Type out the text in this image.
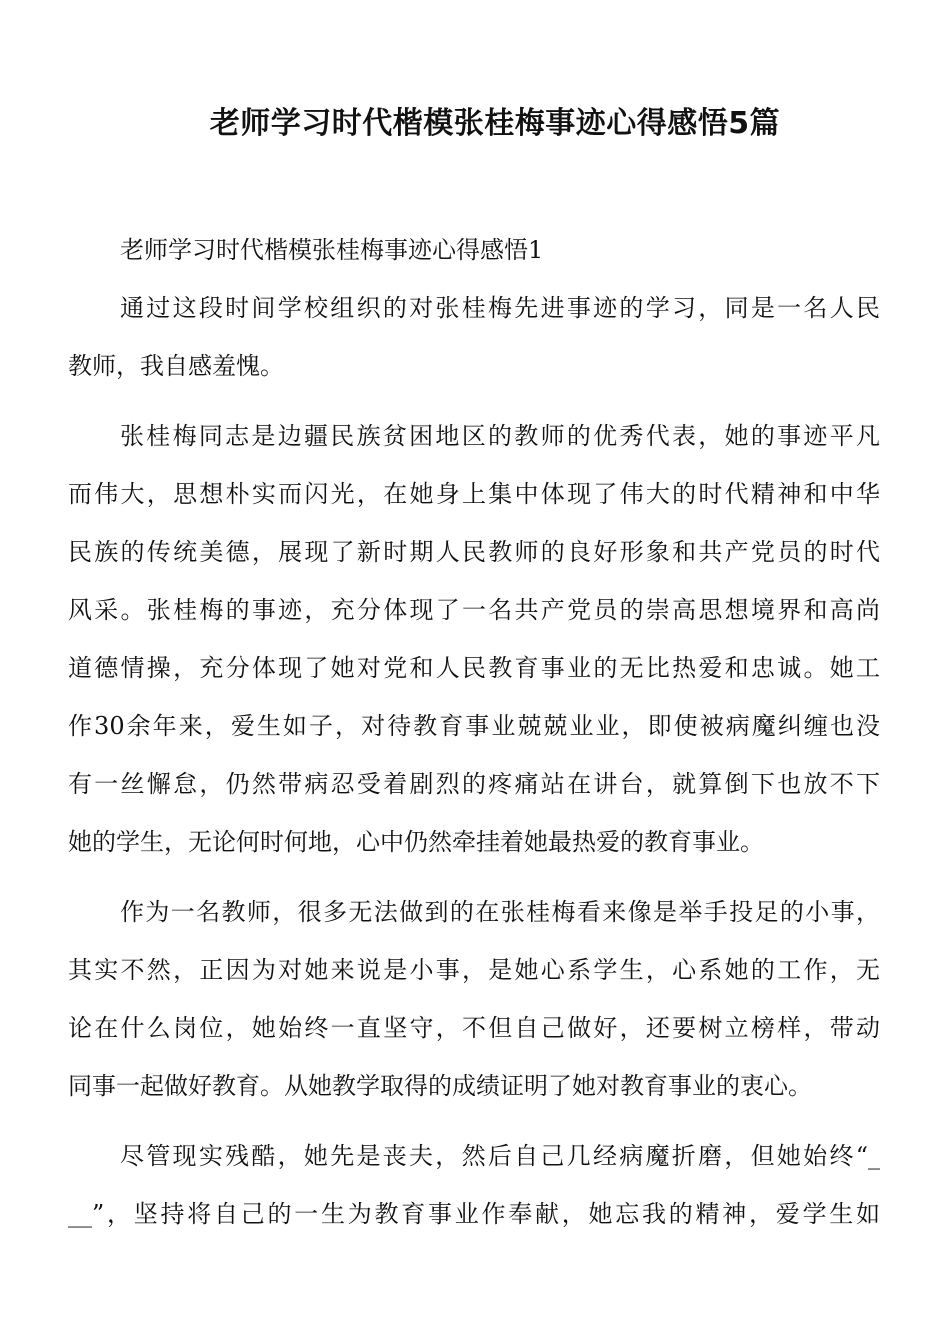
老师学习时代楷模张桂梅事迹心得感悟5篇
老师学习时代楷模张桂梅事迹心得感悟1
通过这段时间学校组织的对张桂梅先进事迹的学习，同是一名人民
教师，我自感羞愧。
张桂梅同志是边疆民族贫困地区的教师的优秀代表，她的事迹平凡
而伟大，思想朴实而闪光，在她身上集中体现了伟大的时代精神和中华
民族的传统美德，展现了新时期人民教师的良好形象和共产党员的时代
风采。张桂梅的事迹，充分体现了一名共产党员的崇高思想境界和高尚
道德情操，充分体现了她对党和人民教育事业的无比热爱和忠诚。她工
作30余年来，爱生如子，对待教育事业兢兢业业，即使被病魔纠缠也没
有一丝懈怠，仍然带病忍受着剧烈的疼痛站在讲台，就算倒下也放不下
她的学生，无论何时何地，心中仍然牵挂着她最热爱的教育事业。
作为一名教师，很多无法做到的在张桂梅看来像是举手投足的小事，
其实不然，正因为对她来说是小事，是她心系学生，心系她的工作，无
论在什么岗位，她始终一直坚守，不但自己做好，还要树立榜样，带动
同事一起做好教育。从她教学取得的成绩证明了她对教育事业的衷心。
尽管现实残酷，她先是丧夫，然后自己几经病魔折磨，但她始终“_
__”，坚持将自己的一生为教育事业作奉献，她忘我的精神，爱学生如
